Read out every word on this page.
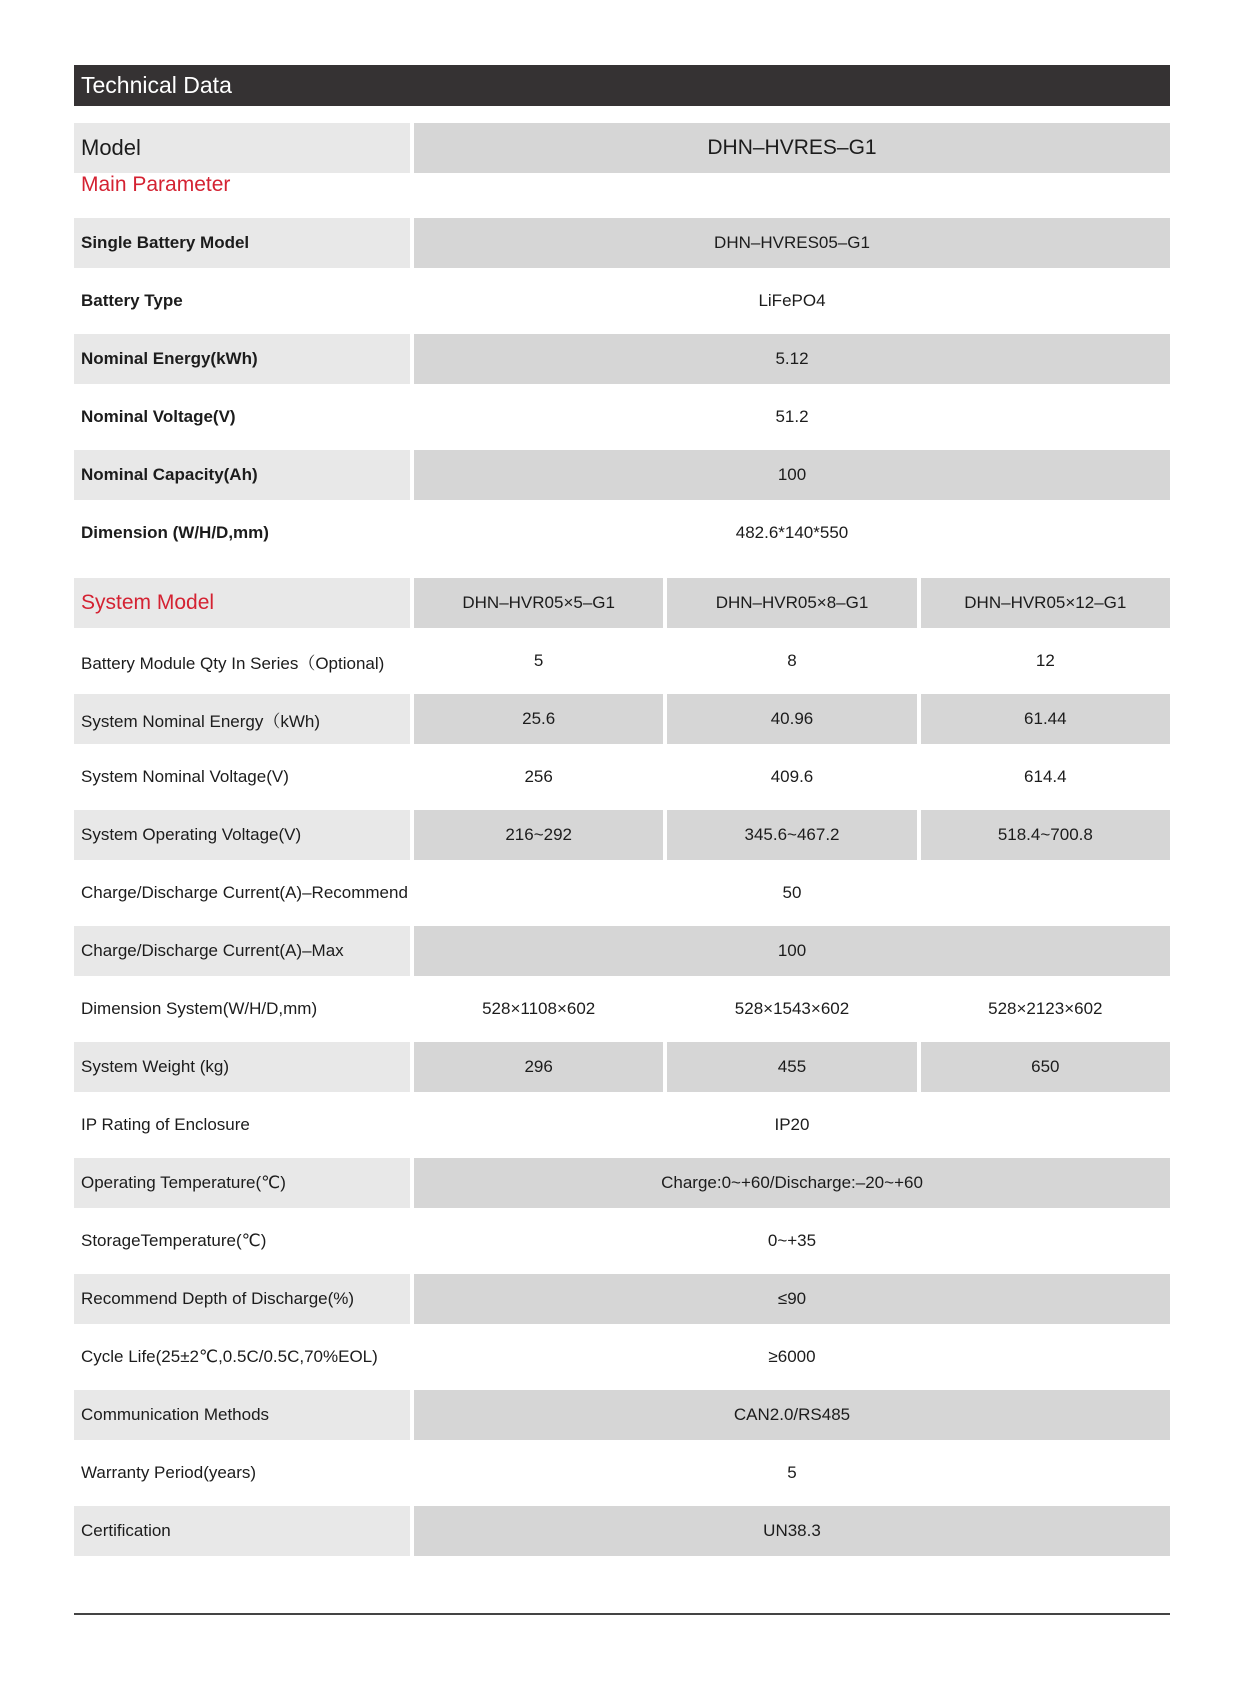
Technical Data
Model	DHN–HVRES–G1
Main Parameter
Single Battery Model	DHN–HVRES05–G1
Battery Type	LiFePO4
Nominal Energy(kWh)	5.12
Nominal Voltage(V)	51.2
Nominal Capacity(Ah)	100
Dimension (W/H/D,mm)	482.6*140*550
System Model	DHN–HVR05×5–G1	DHN–HVR05×8–G1	DHN–HVR05×12–G1
Battery Module Qty In Series（Optional)	5	8	12
System Nominal Energy（kWh)	25.6	40.96	61.44
System Nominal Voltage(V)	256	409.6	614.4
System Operating Voltage(V)	216~292	345.6~467.2	518.4~700.8
Charge/Discharge Current(A)–Recommend	50
Charge/Discharge Current(A)–Max	100
Dimension System(W/H/D,mm)	528×1108×602	528×1543×602	528×2123×602
System Weight (kg)	296	455	650
IP Rating of Enclosure	IP20
Operating Temperature(℃)	Charge:0~+60/Discharge:–20~+60
StorageTemperature(℃)	0~+35
Recommend Depth of Discharge(%)	≤90
Cycle Life(25±2℃,0.5C/0.5C,70%EOL)	≥6000
Communication Methods	CAN2.0/RS485
Warranty Period(years)	5
Certification	UN38.3
